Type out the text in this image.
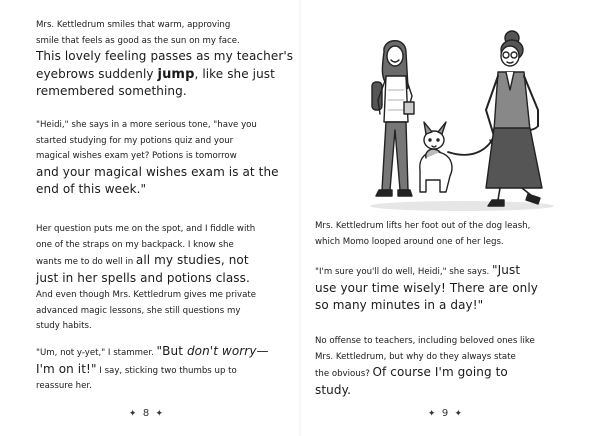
Mrs. Kettledrum smiles that warm, approving
smile that feels as good as the sun on my face.
This lovely feeling passes as my teacher's
eyebrows suddenly jump, like she just
remembered something.

"Heidi," she says in a more serious tone, "have you
started studying for my potions quiz and your
magical wishes exam yet? Potions is tomorrow
and your magical wishes exam is at the
end of this week."

Her question puts me on the spot, and I fiddle with
one of the straps on my backpack. I know she
wants me to do well in all my studies, not
just in her spells and potions class.
And even though Mrs. Kettledrum gives me private
advanced magic lessons, she still questions my
study habits.

"Um, not y-yet," I stammer. "But don't worry—
I'm on it!" I say, sticking two thumbs up to
reassure her.

✦ 8 ✦

Mrs. Kettledrum lifts her foot out of the dog leash,
which Momo looped around one of her legs.

"I'm sure you'll do well, Heidi," she says. "Just
use your time wisely! There are only
so many minutes in a day!"

No offense to teachers, including beloved ones like
Mrs. Kettledrum, but why do they always state
the obvious? Of course I'm going to
study.

✦ 9 ✦
